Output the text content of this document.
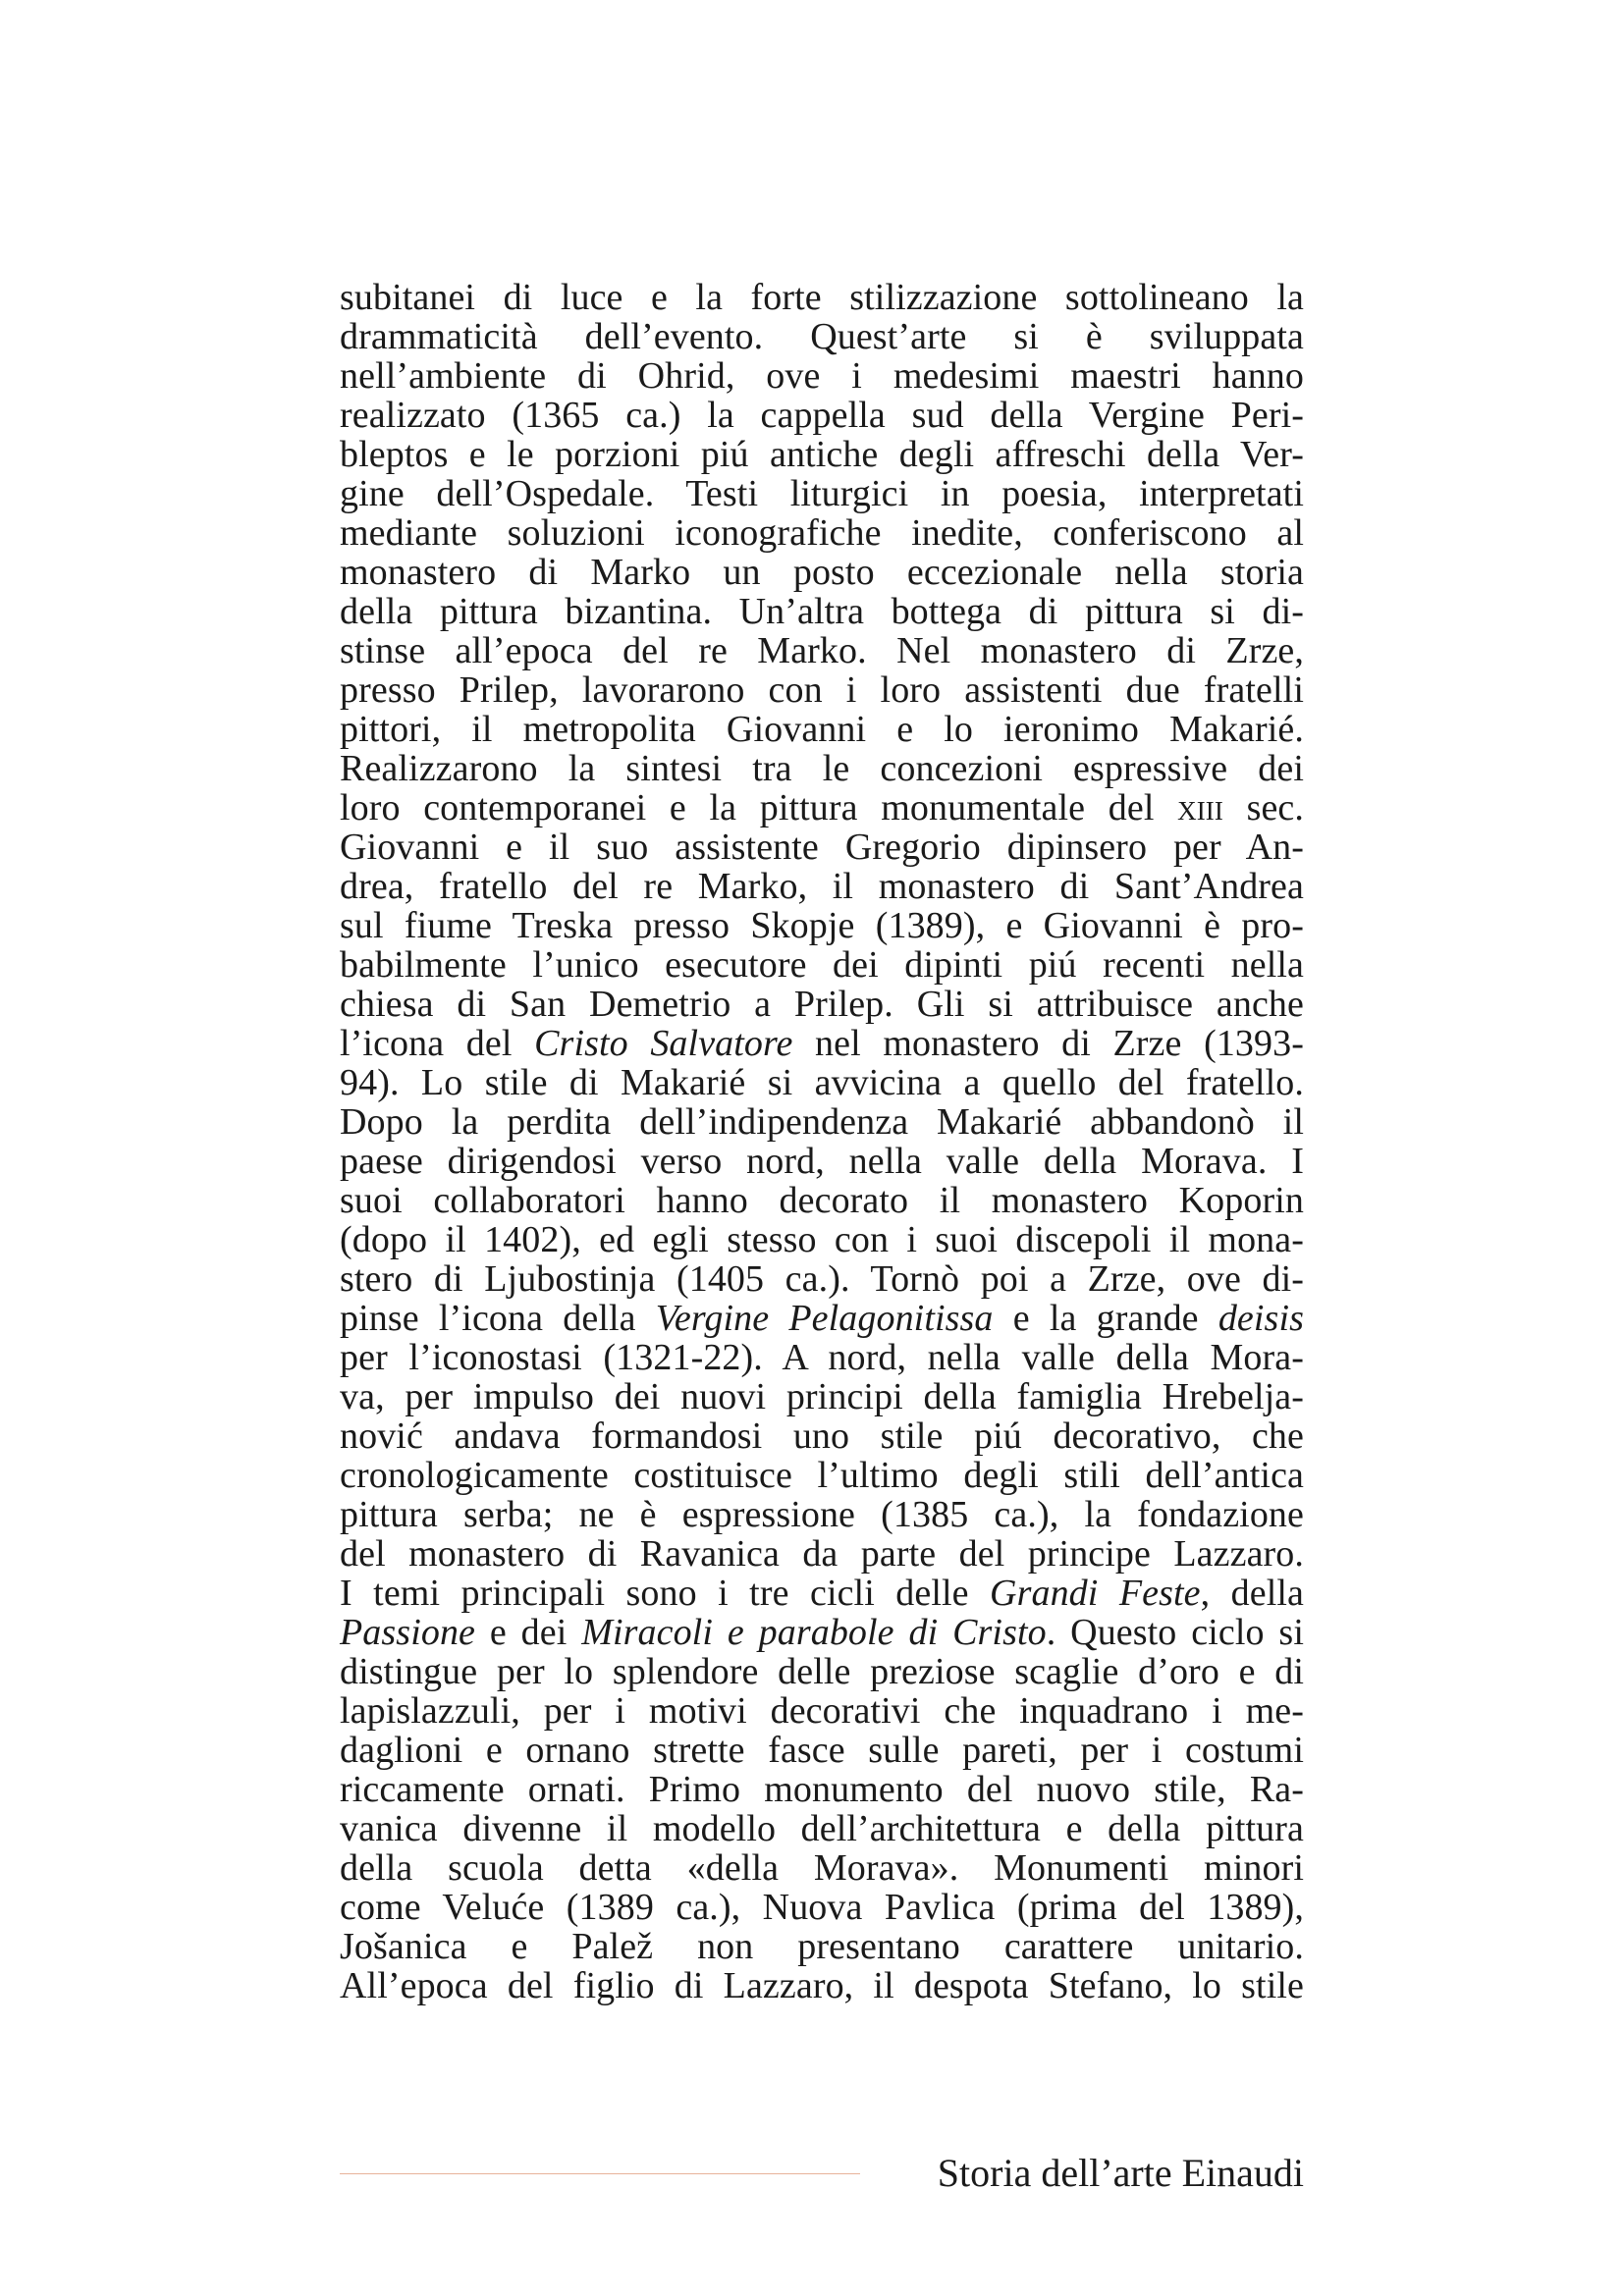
subitanei di luce e la forte stilizzazione sottolineano la
drammaticità dell’evento. Quest’arte si è sviluppata
nell’ambiente di Ohrid, ove i medesimi maestri hanno
realizzato (1365 ca.) la cappella sud della Vergine Peri-
bleptos e le porzioni piú antiche degli affreschi della Ver-
gine dell’Ospedale. Testi liturgici in poesia, interpretati
mediante soluzioni iconografiche inedite, conferiscono al
monastero di Marko un posto eccezionale nella storia
della pittura bizantina. Un’altra bottega di pittura si di-
stinse all’epoca del re Marko. Nel monastero di Zrze,
presso Prilep, lavorarono con i loro assistenti due fratelli
pittori, il metropolita Giovanni e lo ieronimo Makarié.
Realizzarono la sintesi tra le concezioni espressive dei
loro contemporanei e la pittura monumentale del xiii sec.
Giovanni e il suo assistente Gregorio dipinsero per An-
drea, fratello del re Marko, il monastero di Sant’Andrea
sul fiume Treska presso Skopje (1389), e Giovanni è pro-
babilmente l’unico esecutore dei dipinti piú recenti nella
chiesa di San Demetrio a Prilep. Gli si attribuisce anche
l’icona del Cristo Salvatore nel monastero di Zrze (1393-
94). Lo stile di Makarié si avvicina a quello del fratello.
Dopo la perdita dell’indipendenza Makarié abbandonò il
paese dirigendosi verso nord, nella valle della Morava. I
suoi collaboratori hanno decorato il monastero Koporin
(dopo il 1402), ed egli stesso con i suoi discepoli il mona-
stero di Ljubostinja (1405 ca.). Tornò poi a Zrze, ove di-
pinse l’icona della Vergine Pelagonitissa e la grande deisis
per l’iconostasi (1321-22). A nord, nella valle della Mora-
va, per impulso dei nuovi principi della famiglia Hrebelja-
nović andava formandosi uno stile piú decorativo, che
cronologicamente costituisce l’ultimo degli stili dell’antica
pittura serba; ne è espressione (1385 ca.), la fondazione
del monastero di Ravanica da parte del principe Lazzaro.
I temi principali sono i tre cicli delle Grandi Feste, della
Passione e dei Miracoli e parabole di Cristo. Questo ciclo si
distingue per lo splendore delle preziose scaglie d’oro e di
lapislazzuli, per i motivi decorativi che inquadrano i me-
daglioni e ornano strette fasce sulle pareti, per i costumi
riccamente ornati. Primo monumento del nuovo stile, Ra-
vanica divenne il modello dell’architettura e della pittura
della scuola detta «della Morava». Monumenti minori
come Veluće (1389 ca.), Nuova Pavlica (prima del 1389),
Jošanica e Palež non presentano carattere unitario.
All’epoca del figlio di Lazzaro, il despota Stefano, lo stile
Storia dell’arte Einaudi
